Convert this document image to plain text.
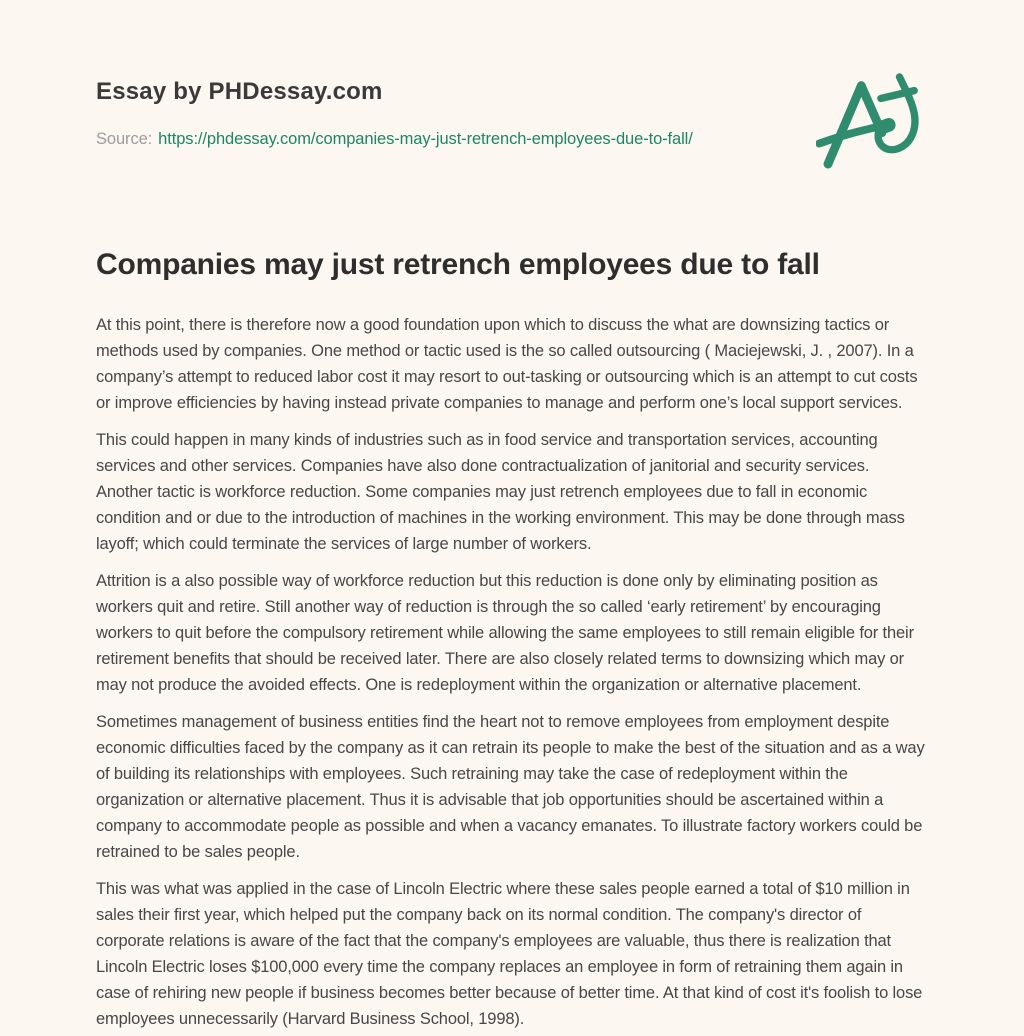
Essay by PHDessay.com
Source: https://phdessay.com/companies-may-just-retrench-employees-due-to-fall/
Companies may just retrench employees due to fall

At this point, there is therefore now a good foundation upon which to discuss the what are downsizing tactics or methods used by companies. One method or tactic used is the so called outsourcing ( Maciejewski, J. , 2007). In a company’s attempt to reduced labor cost it may resort to out-tasking or outsourcing which is an attempt to cut costs or improve efficiencies by having instead private companies to manage and perform one’s local support services.

This could happen in many kinds of industries such as in food service and transportation services, accounting services and other services. Companies have also done contractualization of janitorial and security services. Another tactic is workforce reduction. Some companies may just retrench employees due to fall in economic condition and or due to the introduction of machines in the working environment. This may be done through mass layoff; which could terminate the services of large number of workers.

Attrition is a also possible way of workforce reduction but this reduction is done only by eliminating position as workers quit and retire. Still another way of reduction is through the so called ‘early retirement’ by encouraging workers to quit before the compulsory retirement while allowing the same employees to still remain eligible for their retirement benefits that should be received later. There are also closely related terms to downsizing which may or may not produce the avoided effects. One is redeployment within the organization or alternative placement.

Sometimes management of business entities find the heart not to remove employees from employment despite economic difficulties faced by the company as it can retrain its people to make the best of the situation and as a way of building its relationships with employees. Such retraining may take the case of redeployment within the organization or alternative placement. Thus it is advisable that job opportunities should be ascertained within a company to accommodate people as possible and when a vacancy emanates. To illustrate factory workers could be retrained to be sales people.

This was what was applied in the case of Lincoln Electric where these sales people earned a total of $10 million in sales their first year, which helped put the company back on its normal condition. The company's director of corporate relations is aware of the fact that the company's employees are valuable, thus there is realization that Lincoln Electric loses $100,000 every time the company replaces an employee in form of retraining them again in case of rehiring new people if business becomes better because of better time. At that kind of cost it's foolish to lose employees unnecessarily (Harvard Business School, 1998).
